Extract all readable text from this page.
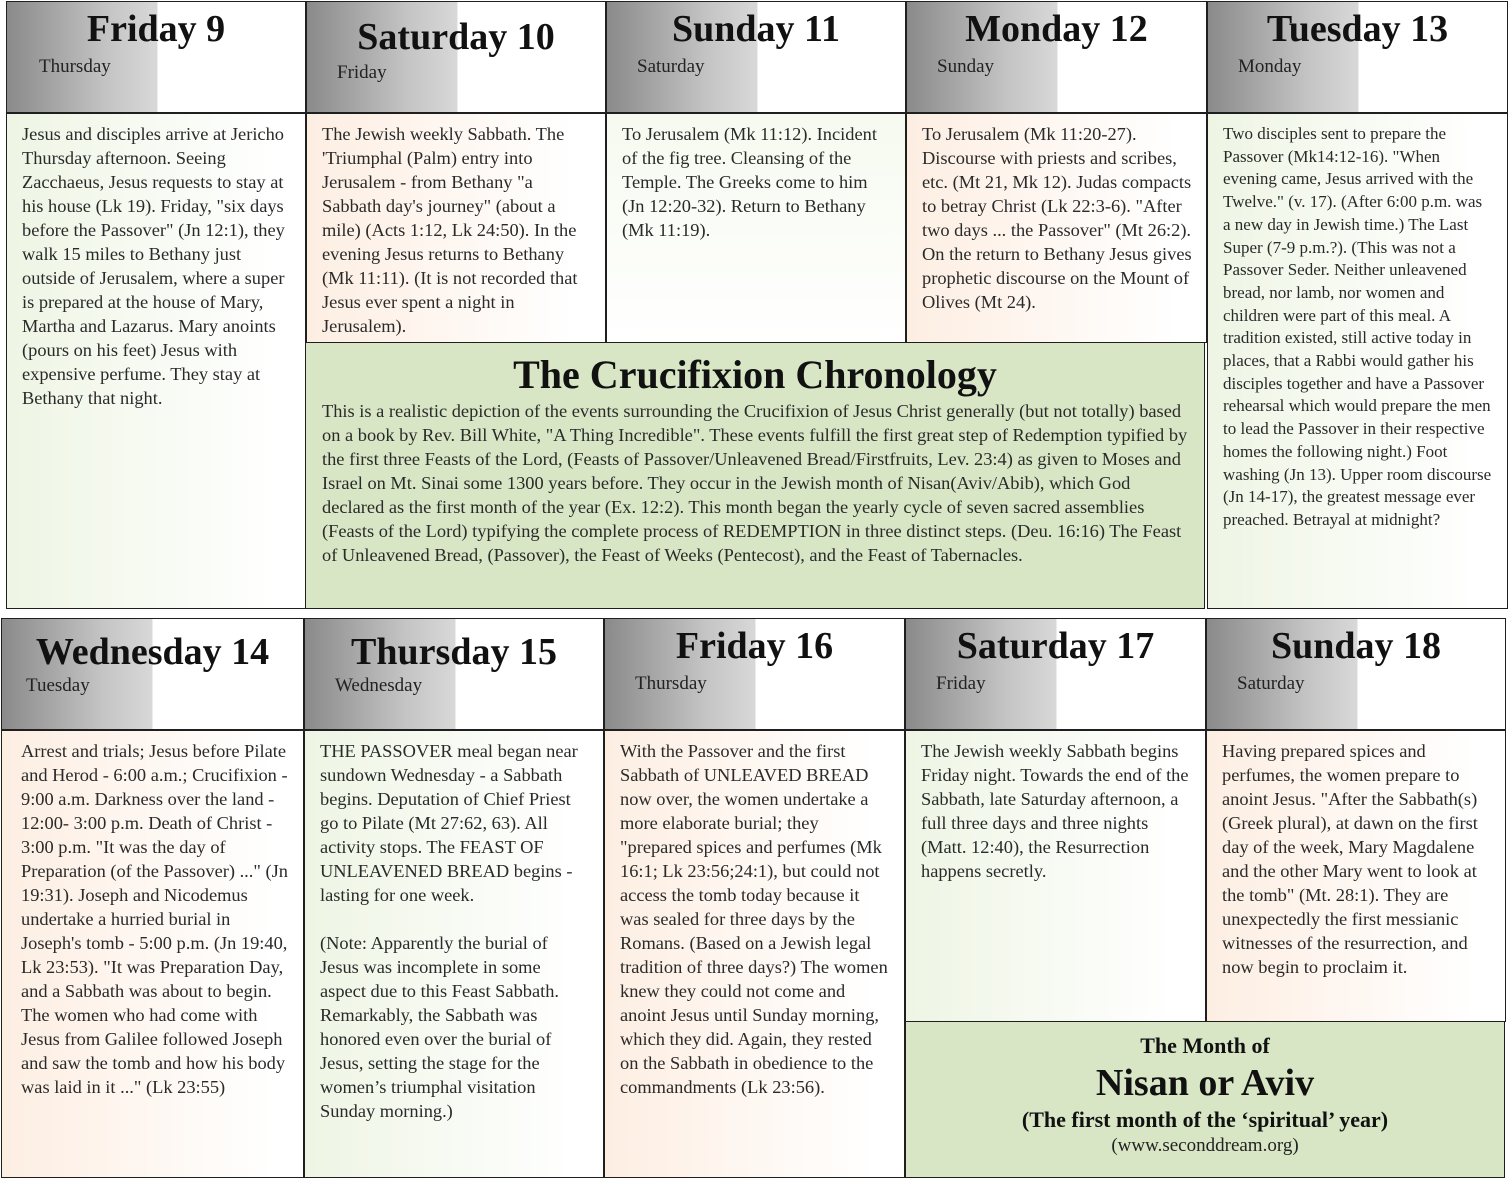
Friday 9
Thursday
Saturday 10
Friday
Sunday 11
Saturday
Monday 12
Sunday
Tuesday 13
Monday
Jesus and disciples arrive at Jericho Thursday afternoon. Seeing Zacchaeus, Jesus requests to stay at his house (Lk 19). Friday, "six days before the Passover" (Jn 12:1), they walk 15 miles to Bethany just outside of Jerusalem, where a super is prepared at the house of Mary, Martha and Lazarus. Mary anoints (pours on his feet) Jesus with expensive perfume. They stay at Bethany that night.
The Jewish weekly Sabbath. The 'Triumphal (Palm) entry into Jerusalem - from Bethany "a Sabbath day's journey" (about a mile) (Acts 1:12, Lk 24:50). In the evening Jesus returns to Bethany (Mk 11:11). (It is not recorded that Jesus ever spent a night in Jerusalem).
To Jerusalem (Mk 11:12). Incident of the fig tree. Cleansing of the Temple. The Greeks come to him (Jn 12:20-32). Return to Bethany (Mk 11:19).
To Jerusalem (Mk 11:20-27). Discourse with priests and scribes, etc. (Mt 21, Mk 12). Judas compacts to betray Christ (Lk 22:3-6). "After two days ... the Passover" (Mt 26:2). On the return to Bethany Jesus gives prophetic discourse on the Mount of Olives (Mt 24).
Two disciples sent to prepare the Passover (Mk14:12-16). "When evening came, Jesus arrived with the Twelve." (v. 17). (After 6:00 p.m. was a new day in Jewish time.) The Last Super (7-9 p.m.?). (This was not a Passover Seder. Neither unleavened bread, nor lamb, nor women and children were part of this meal. A tradition existed, still active today in places, that a Rabbi would gather his disciples together and have a Passover rehearsal which would prepare the men to lead the Passover in their respective homes the following night.) Foot washing (Jn 13). Upper room discourse (Jn 14-17), the greatest message ever preached. Betrayal at midnight?
The Crucifixion Chronology
This is a realistic depiction of the events surrounding the Crucifixion of Jesus Christ generally (but not totally) based on a book by Rev. Bill White, "A Thing Incredible". These events fulfill the first great step of Redemption typified by the first three Feasts of the Lord, (Feasts of Passover/Unleavened Bread/Firstfruits, Lev. 23:4) as given to Moses and Israel on Mt. Sinai some 1300 years before. They occur in the Jewish month of Nisan(Aviv/Abib), which God declared as the first month of the year (Ex. 12:2). This month began the yearly cycle of seven sacred assemblies (Feasts of the Lord) typifying the complete process of REDEMPTION in three distinct steps. (Deu. 16:16) The Feast of Unleavened Bread, (Passover), the Feast of Weeks (Pentecost), and the Feast of Tabernacles.
Wednesday 14
Tuesday
Thursday 15
Wednesday
Friday 16
Thursday
Saturday 17
Friday
Sunday 18
Saturday
Arrest and trials; Jesus before Pilate and Herod - 6:00 a.m.; Crucifixion - 9:00 a.m. Darkness over the land - 12:00- 3:00 p.m. Death of Christ - 3:00 p.m. "It was the day of Preparation (of the Passover) ..." (Jn 19:31). Joseph and Nicodemus undertake a hurried burial in Joseph's tomb - 5:00 p.m. (Jn 19:40, Lk 23:53). "It was Preparation Day, and a Sabbath was about to begin. The women who had come with Jesus from Galilee followed Joseph and saw the tomb and how his body was laid in it ..." (Lk 23:55)

THE PASSOVER meal began near sundown Wednesday - a Sabbath begins. Deputation of Chief Priest go to Pilate (Mt 27:62, 63). All activity stops. The FEAST OF UNLEAVENED BREAD begins - lasting for one week.

(Note: Apparently the burial of Jesus was incomplete in some aspect due to this Feast Sabbath. Remarkably, the Sabbath was honored even over the burial of Jesus, setting the stage for the women’s triumphal visitation Sunday morning.)

With the Passover and the first Sabbath of UNLEAVED BREAD now over, the women undertake a more elaborate burial; they "prepared spices and perfumes (Mk 16:1; Lk 23:56;24:1), but could not access the tomb today because it was sealed for three days by the Romans. (Based on a Jewish legal tradition of three days?) The women knew they could not come and anoint Jesus until Sunday morning, which they did. Again, they rested on the Sabbath in obedience to the commandments (Lk 23:56).
The Jewish weekly Sabbath begins Friday night. Towards the end of the Sabbath, late Saturday afternoon, a full three days and three nights (Matt. 12:40), the Resurrection happens secretly.
Having prepared spices and perfumes, the women prepare to anoint Jesus. "After the Sabbath(s) (Greek plural), at dawn on the first day of the week, Mary Magdalene and the other Mary went to look at the tomb" (Mt. 28:1). They are unexpectedly the first messianic witnesses of the resurrection, and now begin to proclaim it.
The Month of
Nisan or Aviv
(The first month of the ‘spiritual’ year)
(www.seconddream.org)
